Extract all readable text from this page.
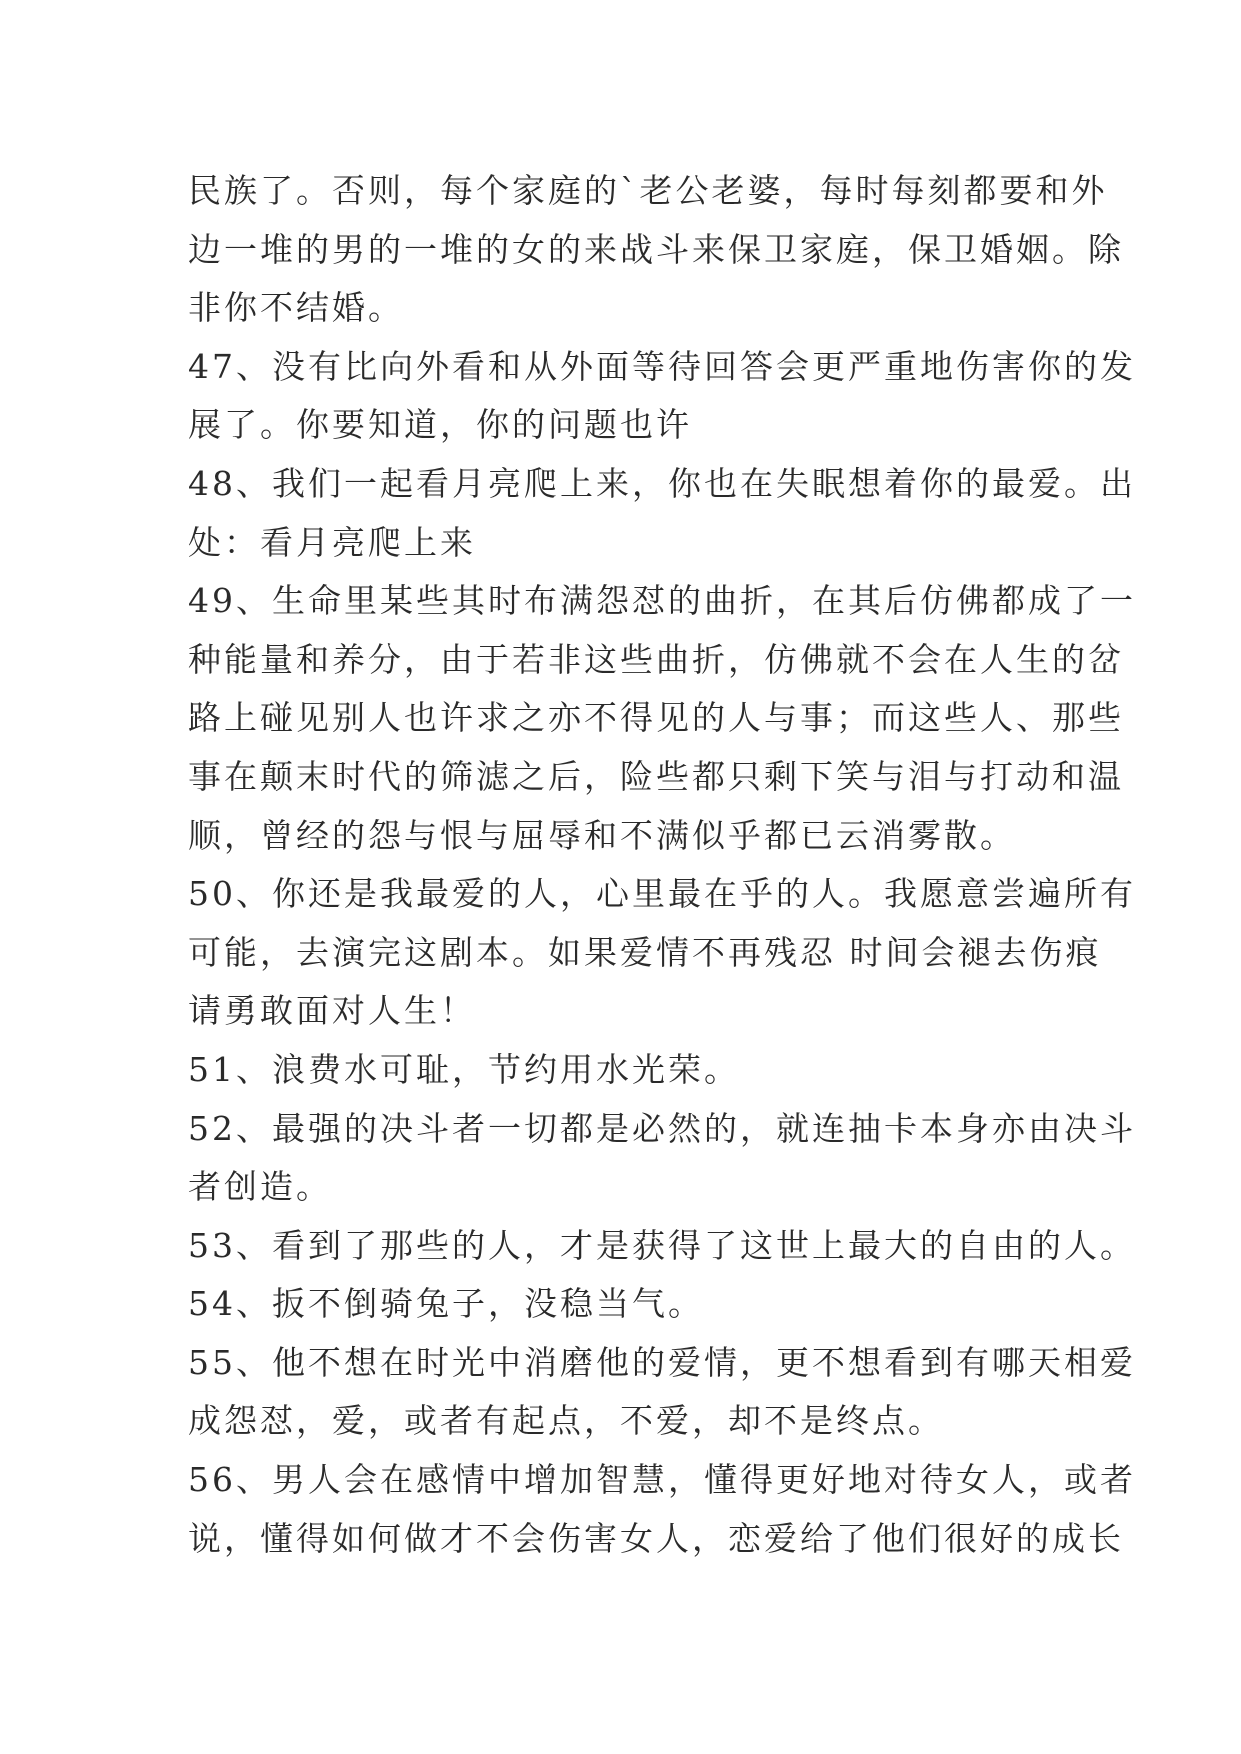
民族了。否则，每个家庭的`老公老婆，每时每刻都要和外
边一堆的男的一堆的女的来战斗来保卫家庭，保卫婚姻。除
非你不结婚。
47、没有比向外看和从外面等待回答会更严重地伤害你的发
展了。你要知道，你的问题也许
48、我们一起看月亮爬上来，你也在失眠想着你的最爱。出
处：看月亮爬上来
49、生命里某些其时布满怨怼的曲折，在其后仿佛都成了一
种能量和养分，由于若非这些曲折，仿佛就不会在人生的岔
路上碰见别人也许求之亦不得见的人与事；而这些人、那些
事在颠末时代的筛滤之后，险些都只剩下笑与泪与打动和温
顺，曾经的怨与恨与屈辱和不满似乎都已云消雾散。
50、你还是我最爱的人，心里最在乎的人。我愿意尝遍所有
可能，去演完这剧本。如果爱情不再残忍 时间会褪去伤痕
请勇敢面对人生！
51、浪费水可耻，节约用水光荣。
52、最强的决斗者一切都是必然的，就连抽卡本身亦由决斗
者创造。
53、看到了那些的人，才是获得了这世上最大的自由的人。
54、扳不倒骑兔子，没稳当气。
55、他不想在时光中消磨他的爱情，更不想看到有哪天相爱
成怨怼，爱，或者有起点，不爱，却不是终点。
56、男人会在感情中增加智慧，懂得更好地对待女人，或者
说，懂得如何做才不会伤害女人，恋爱给了他们很好的成长
